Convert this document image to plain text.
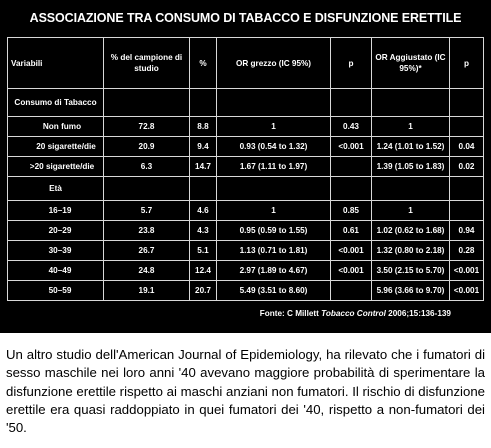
ASSOCIAZIONE TRA CONSUMO DI TABACCO E DISFUNZIONE ERETTILE
Variabili	% del campione di studio	%	OR grezzo (IC 95%)	p	OR Aggiustato (IC 95%)*	p
Consumo di Tabacco						
Non fumo	72.8	8.8	1	0.43	1	
20 sigarette/die	20.9	9.4	0.93 (0.54 to 1.32)	<0.001	1.24 (1.01 to 1.52)	0.04
>20 sigarette/die	6.3	14.7	1.67 (1.11 to 1.97)		1.39 (1.05 to 1.83)	0.02
Età						
16–19	5.7	4.6	1	0.85	1	
20–29	23.8	4.3	0.95 (0.59 to 1.55)	0.61	1.02 (0.62 to 1.68)	0.94
30–39	26.7	5.1	1.13 (0.71 to 1.81)	<0.001	1.32 (0.80 to 2.18)	0.28
40–49	24.8	12.4	2.97 (1.89 to 4.67)	<0.001	3.50 (2.15 to 5.70)	<0.001
50–59	19.1	20.7	5.49 (3.51 to 8.60)		5.96 (3.66 to 9.70)	<0.001
Fonte: C Millett Tobacco Control 2006;15:136-139

Un altro studio dell'American Journal of Epidemiology, ha rilevato che i fumatori di sesso maschile nei loro anni '40 avevano maggiore probabilità di sperimentare la disfunzione erettile rispetto ai maschi anziani non fumatori. Il rischio di disfunzione erettile era quasi raddoppiato in quei fumatori dei '40, rispetto a non-fumatori dei '50.
